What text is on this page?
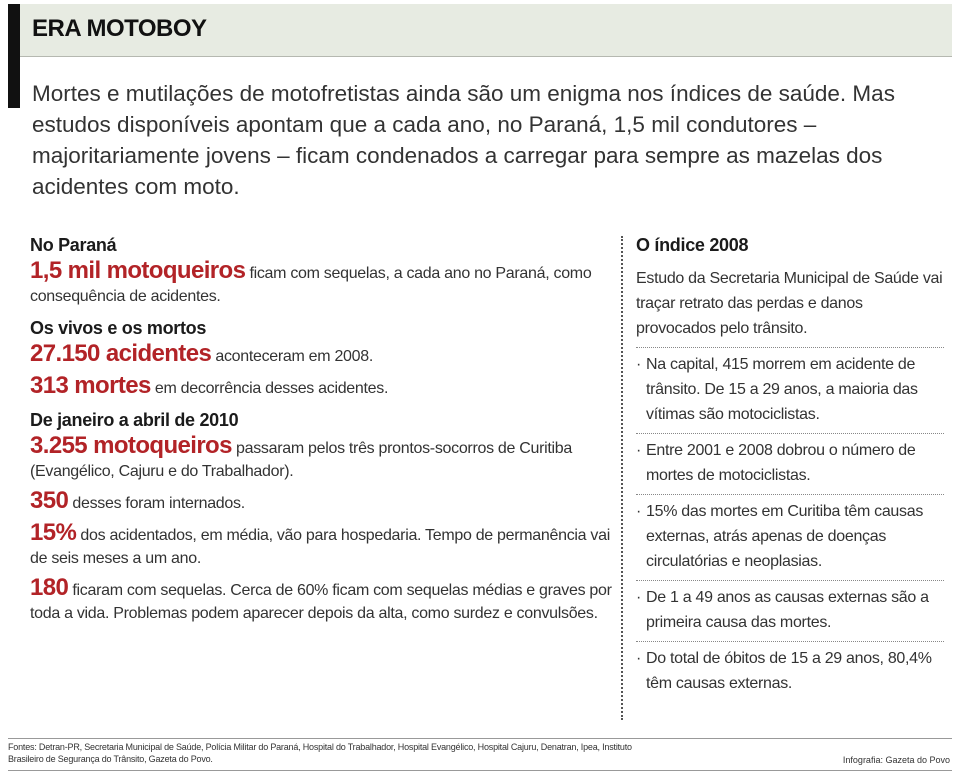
ERA MOTOBOY
Mortes e mutilações de motofretistas ainda são um enigma nos índices de saúde. Mas estudos disponíveis apontam que a cada ano, no Paraná, 1,5 mil condutores – majoritariamente jovens – ficam condenados a carregar para sempre as mazelas dos acidentes com moto.
No Paraná
1,5 mil motoqueiros ficam com sequelas, a cada ano no Paraná, como consequência de acidentes.
Os vivos e os mortos
27.150 acidentes aconteceram em 2008.
313 mortes em decorrência desses acidentes.
De janeiro a abril de 2010
3.255 motoqueiros passaram pelos três prontos-socorros de Curitiba (Evangélico, Cajuru e do Trabalhador).
350 desses foram internados.
15% dos acidentados, em média, vão para hospedaria. Tempo de permanência vai de seis meses a um ano.
180 ficaram com sequelas. Cerca de 60% ficam com sequelas médias e graves por toda a vida. Problemas podem aparecer depois da alta, como surdez e convulsões.
O índice 2008
Estudo da Secretaria Municipal de Saúde vai traçar retrato das perdas e danos provocados pelo trânsito.
· Na capital, 415 morrem em acidente de trânsito. De 15 a 29 anos, a maioria das vítimas são motociclistas.
· Entre 2001 e 2008 dobrou o número de mortes de motociclistas.
· 15% das mortes em Curitiba têm causas externas, atrás apenas de doenças circulatórias e neoplasias.
· De 1 a 49 anos as causas externas são a primeira causa das mortes.
· Do total de óbitos de 15 a 29 anos, 80,4% têm causas externas.
Fontes: Detran-PR, Secretaria Municipal de Saúde, Polícia Militar do Paraná, Hospital do Trabalhador, Hospital Evangélico, Hospital Cajuru, Denatran, Ipea, Instituto Brasileiro de Segurança do Trânsito, Gazeta do Povo.	Infografia: Gazeta do Povo
